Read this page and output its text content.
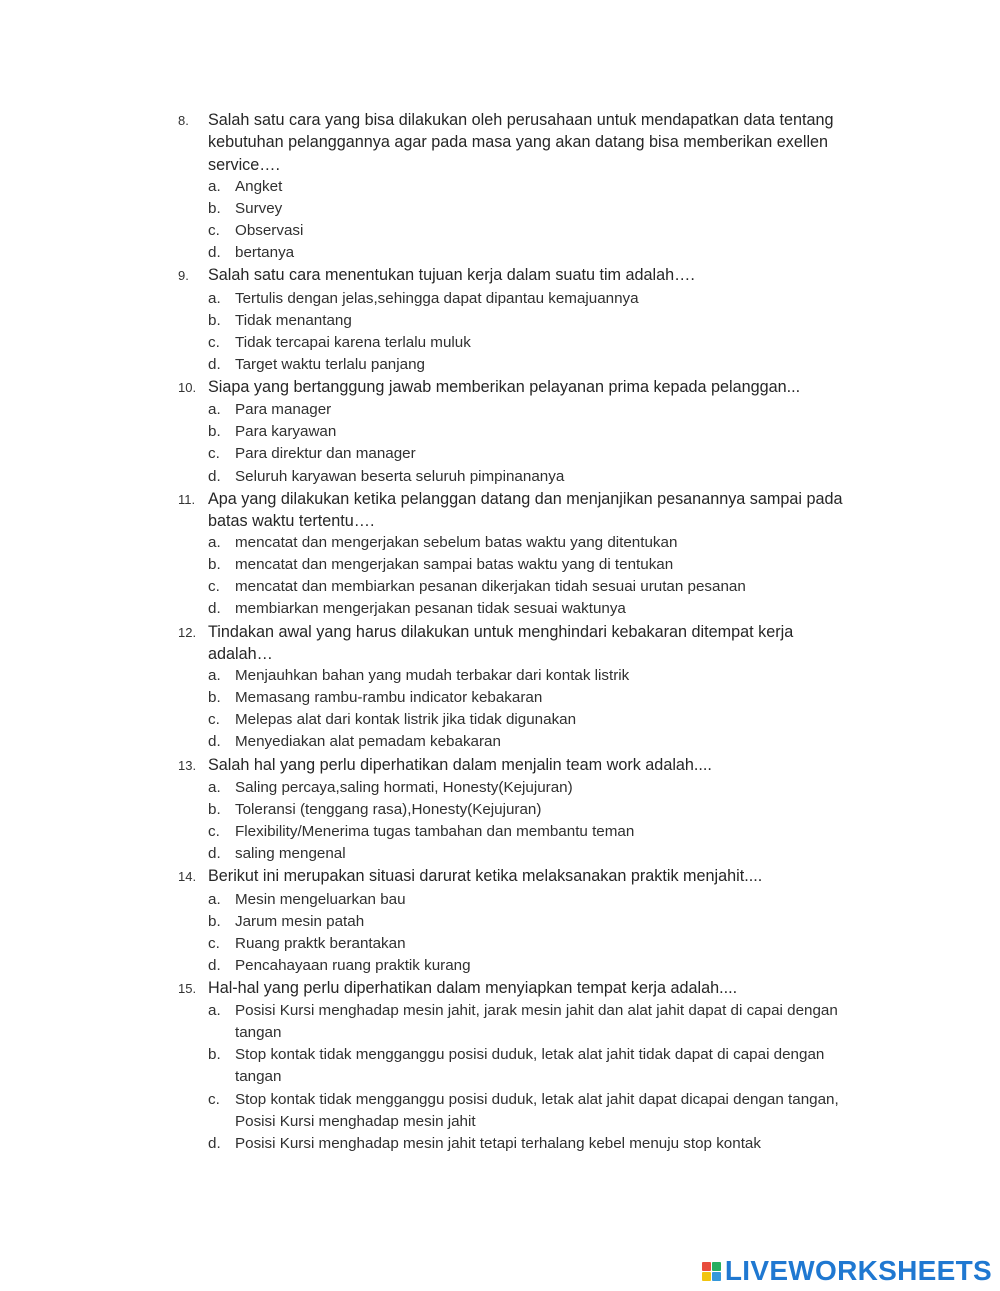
8.	Salah satu cara yang bisa dilakukan oleh perusahaan untuk mendapatkan data tentang kebutuhan pelanggannya agar pada masa yang akan datang bisa memberikan exellen service….
a. Angket
b. Survey
c. Observasi
d. bertanya
9.	Salah satu cara menentukan tujuan kerja dalam suatu tim adalah….
a. Tertulis dengan jelas,sehingga dapat dipantau kemajuannya
b. Tidak menantang
c. Tidak tercapai karena terlalu muluk
d. Target waktu terlalu panjang
10. Siapa yang bertanggung jawab memberikan pelayanan prima kepada pelanggan...
a. Para manager
b. Para karyawan
c. Para direktur dan manager
d. Seluruh karyawan beserta seluruh pimpinananya
11. Apa yang dilakukan ketika pelanggan datang dan menjanjikan pesanannya sampai pada batas waktu tertentu….
a. mencatat dan mengerjakan sebelum batas waktu yang ditentukan
b. mencatat dan mengerjakan sampai batas waktu yang di tentukan
c. mencatat dan membiarkan pesanan dikerjakan tidah sesuai urutan pesanan
d. membiarkan mengerjakan pesanan tidak sesuai waktunya
12. Tindakan awal yang harus dilakukan untuk menghindari kebakaran ditempat kerja adalah…
a. Menjauhkan bahan yang mudah terbakar dari kontak listrik
b. Memasang rambu-rambu indicator kebakaran
c. Melepas alat dari kontak listrik jika tidak digunakan
d. Menyediakan alat pemadam kebakaran
13. Salah hal yang perlu diperhatikan dalam menjalin team work adalah....
a. Saling percaya,saling hormati, Honesty(Kejujuran)
b. Toleransi (tenggang rasa),Honesty(Kejujuran)
c. Flexibility/Menerima tugas tambahan dan membantu teman
d. saling mengenal
14. Berikut ini merupakan situasi darurat ketika melaksanakan praktik menjahit....
a. Mesin mengeluarkan bau
b. Jarum mesin patah
c. Ruang praktk berantakan
d. Pencahayaan ruang praktik kurang
15. Hal-hal yang perlu diperhatikan dalam menyiapkan tempat kerja adalah....
a. Posisi Kursi menghadap mesin jahit, jarak mesin jahit dan alat jahit dapat di capai dengan tangan
b. Stop kontak tidak mengganggu posisi duduk, letak alat jahit tidak dapat di capai dengan tangan
c. Stop kontak tidak mengganggu posisi duduk, letak alat jahit dapat dicapai dengan tangan, Posisi Kursi menghadap mesin jahit
d. Posisi Kursi menghadap mesin jahit tetapi terhalang kebel menuju stop kontak
LIVEWORKSHEETS
